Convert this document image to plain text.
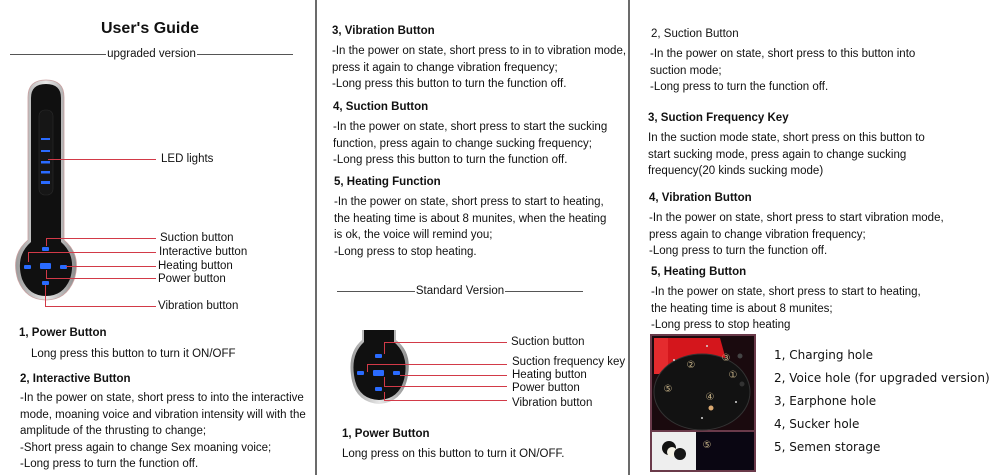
User's Guide
upgraded version
LED lights
Suction button
Interactive button
Heating button
Power button
Vibration button
1, Power Button
Long press this button to turn it ON/OFF
2, Interactive Button
-In the power on state, short press to into the interactive
mode, moaning voice and vibration intensity will with the
amplitude of the thrusting to change;
-Short press again to change Sex moaning voice;
-Long press to turn the function off.
3, Vibration Button
-In the power on state, short press to in to vibration mode,
press it again to change vibration frequency;
-Long press this button to turn the function off.
4, Suction Button
-In the power on state, short press to start the sucking
function, press again to change sucking frequency;
-Long press this button to turn the function off.
5, Heating Function
-In the power on state, short press to start to heating,
the heating time is about 8 munites, when the heating
is ok, the voice will remind you;
-Long press to stop heating.
Standard Version
Suction button
Suction frequency key
Heating button
Power button
Vibration button
1, Power Button
Long press on this button to turn it ON/OFF.
2, Suction Button
-In the power on state, short press to this button into
suction mode;
-Long press to turn the function off.
3, Suction Frequency Key
In the suction mode state, short press on this button to
start sucking mode, press again to change sucking
frequency(20 kinds sucking mode)
4, Vibration Button
-In the power on state, short press to start vibration mode,
press again to change vibration frequency;
-Long press to turn the function off.
5, Heating Button
-In the power on state, short press to start to heating,
the heating time is about 8 munites;
-Long press to stop heating
①
②
③
④
⑤
⑤
1, Charging hole
2, Voice hole (for upgraded version)
3, Earphone hole
4, Sucker hole
5, Semen storage
